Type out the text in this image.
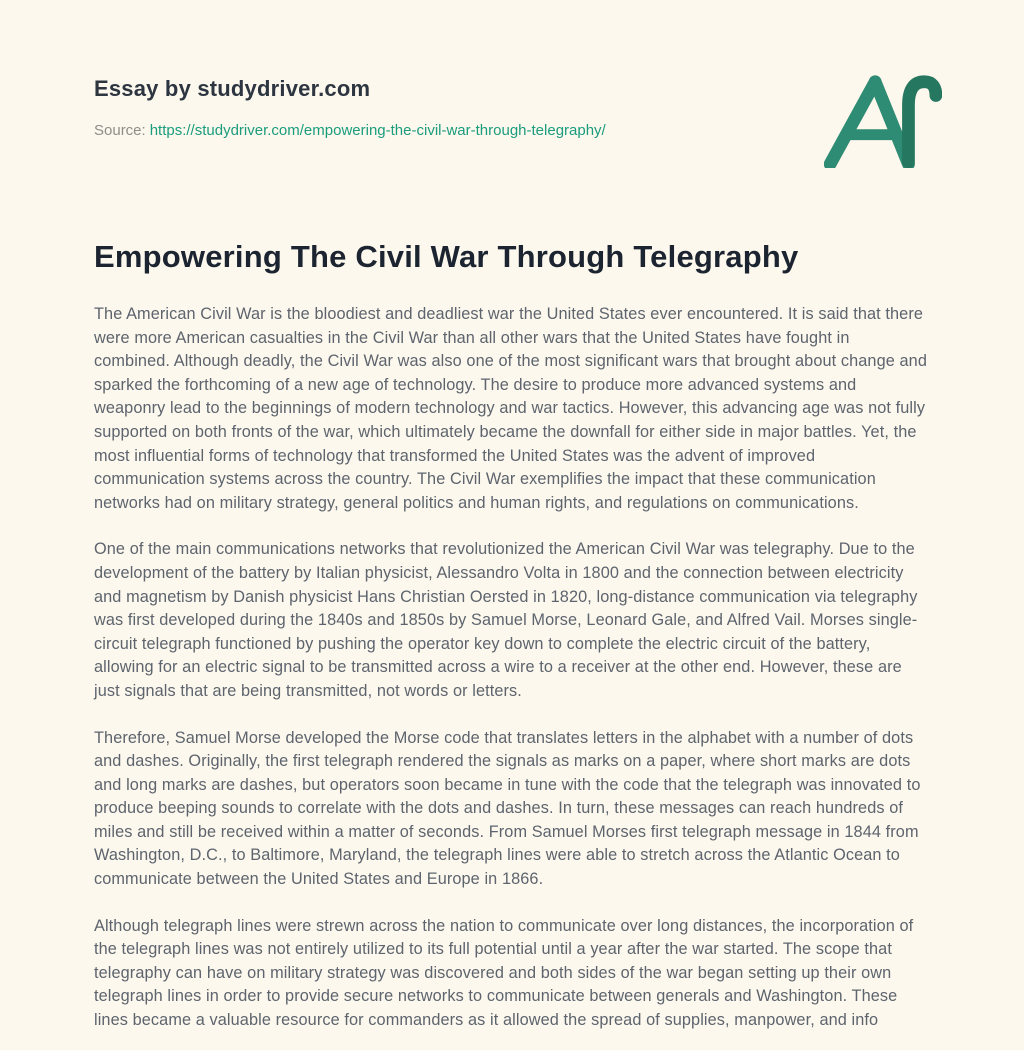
Essay by studydriver.com
Source: https://studydriver.com/empowering-the-civil-war-through-telegraphy/
Empowering The Civil War Through Telegraphy

The American Civil War is the bloodiest and deadliest war the United States ever encountered. It is said that there were more American casualties in the Civil War than all other wars that the United States have fought in combined. Although deadly, the Civil War was also one of the most significant wars that brought about change and sparked the forthcoming of a new age of technology. The desire to produce more advanced systems and weaponry lead to the beginnings of modern technology and war tactics. However, this advancing age was not fully supported on both fronts of the war, which ultimately became the downfall for either side in major battles. Yet, the most influential forms of technology that transformed the United States was the advent of improved communication systems across the country. The Civil War exemplifies the impact that these communication networks had on military strategy, general politics and human rights, and regulations on communications.

One of the main communications networks that revolutionized the American Civil War was telegraphy. Due to the development of the battery by Italian physicist, Alessandro Volta in 1800 and the connection between electricity and magnetism by Danish physicist Hans Christian Oersted in 1820, long-distance communication via telegraphy was first developed during the 1840s and 1850s by Samuel Morse, Leonard Gale, and Alfred Vail. Morses single-circuit telegraph functioned by pushing the operator key down to complete the electric circuit of the battery, allowing for an electric signal to be transmitted across a wire to a receiver at the other end. However, these are just signals that are being transmitted, not words or letters.

Therefore, Samuel Morse developed the Morse code that translates letters in the alphabet with a number of dots and dashes. Originally, the first telegraph rendered the signals as marks on a paper, where short marks are dots and long marks are dashes, but operators soon became in tune with the code that the telegraph was innovated to produce beeping sounds to correlate with the dots and dashes. In turn, these messages can reach hundreds of miles and still be received within a matter of seconds. From Samuel Morses first telegraph message in 1844 from Washington, D.C., to Baltimore, Maryland, the telegraph lines were able to stretch across the Atlantic Ocean to communicate between the United States and Europe in 1866.

Although telegraph lines were strewn across the nation to communicate over long distances, the incorporation of the telegraph lines was not entirely utilized to its full potential until a year after the war started. The scope that telegraphy can have on military strategy was discovered and both sides of the war began setting up their own telegraph lines in order to provide secure networks to communicate between generals and Washington. These lines became a valuable resource for commanders as it allowed the spread of supplies, manpower, and info
